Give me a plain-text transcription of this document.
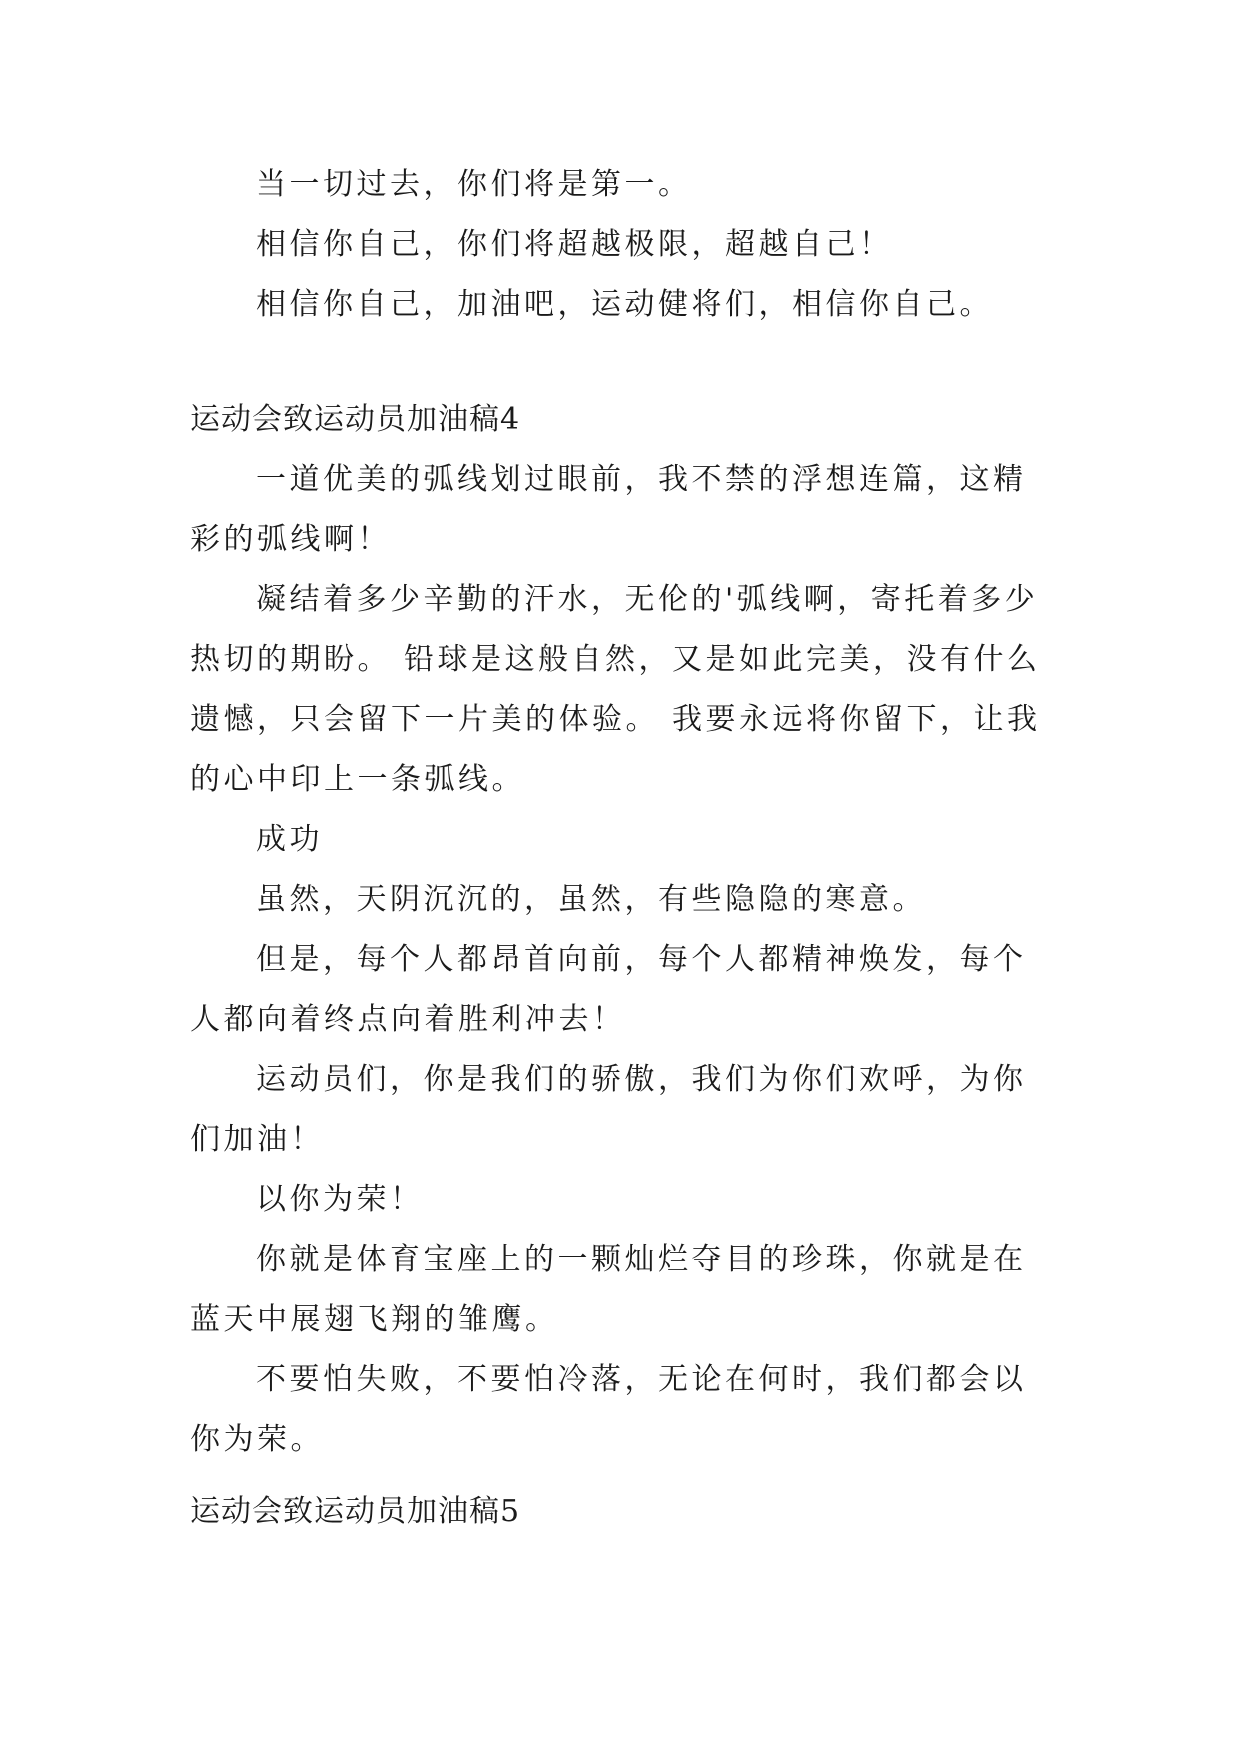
当一切过去，你们将是第一。

相信你自己，你们将超越极限，超越自己！

相信你自己，加油吧，运动健将们，相信你自己。

运动会致运动员加油稿4

一道优美的弧线划过眼前，我不禁的浮想连篇，这精彩的弧线啊！

凝结着多少辛勤的汗水，无伦的'弧线啊，寄托着多少热切的期盼。 铅球是这般自然，又是如此完美，没有什么遗憾，只会留下一片美的体验。 我要永远将你留下，让我的心中印上一条弧线。

成功

虽然，天阴沉沉的，虽然，有些隐隐的寒意。

但是，每个人都昂首向前，每个人都精神焕发，每个人都向着终点向着胜利冲去！

运动员们，你是我们的骄傲，我们为你们欢呼，为你们加油！

以你为荣！

你就是体育宝座上的一颗灿烂夺目的珍珠，你就是在蓝天中展翅飞翔的雏鹰。

不要怕失败，不要怕冷落，无论在何时，我们都会以你为荣。

运动会致运动员加油稿5
